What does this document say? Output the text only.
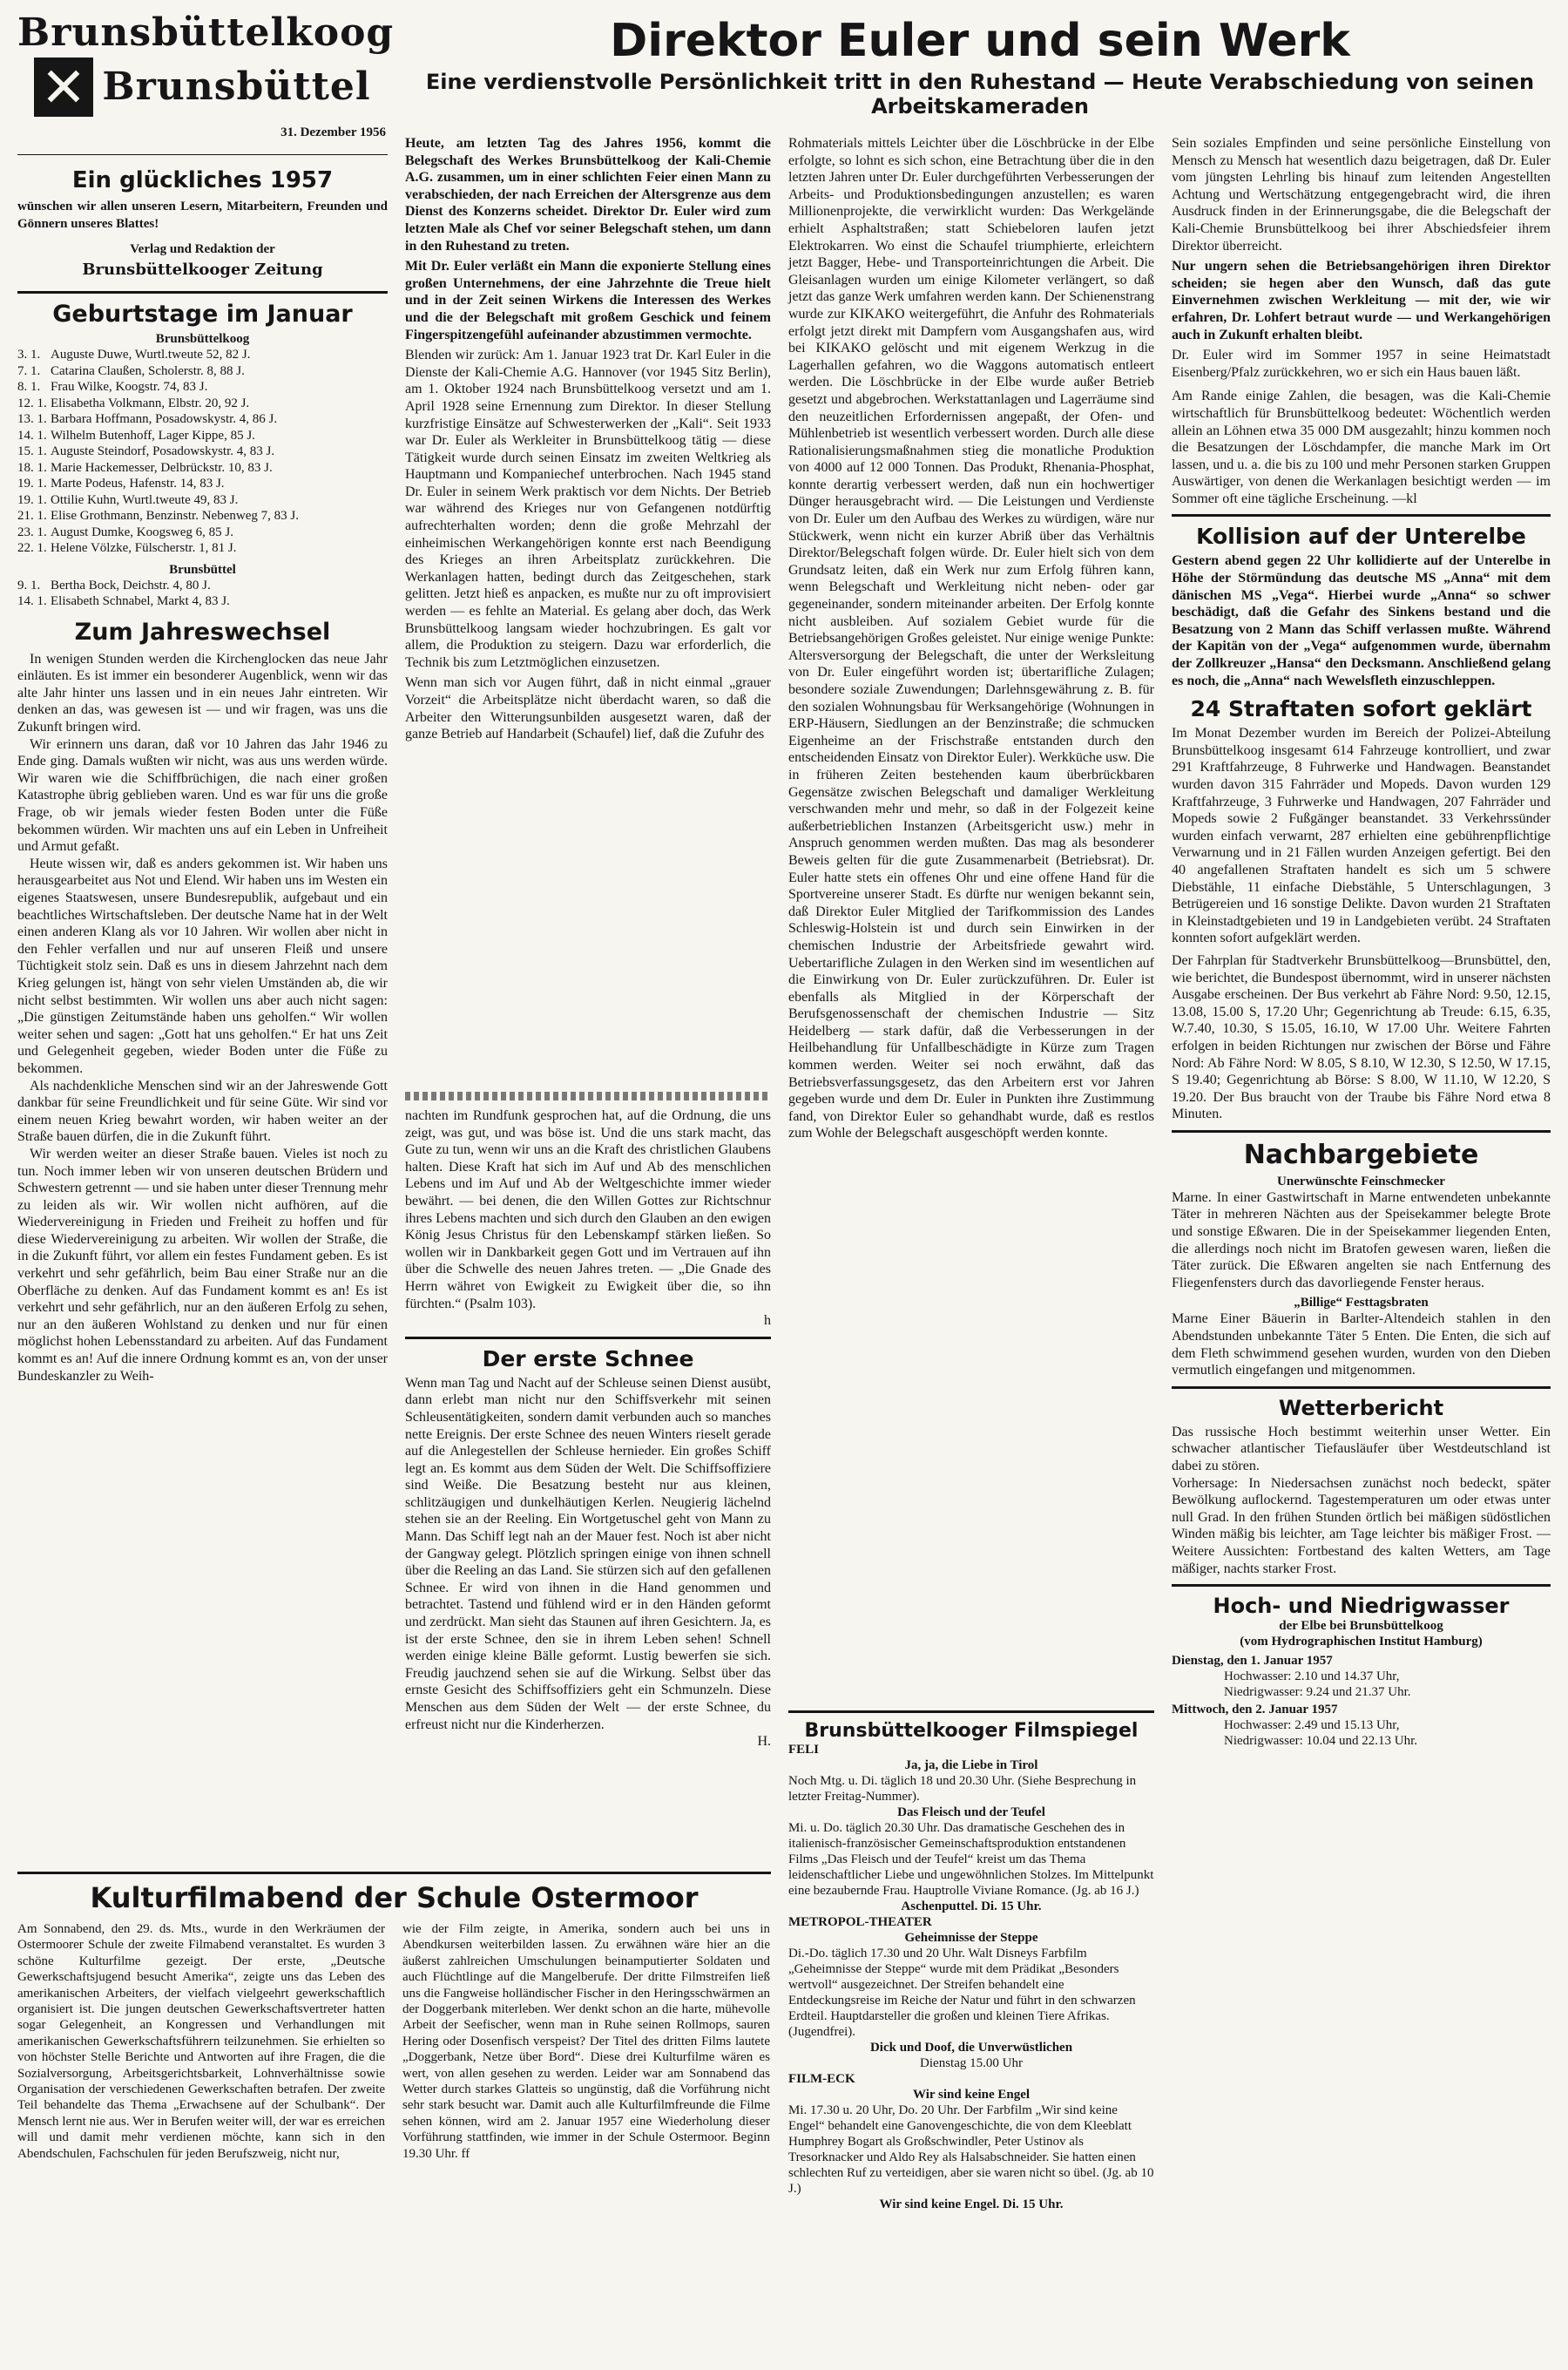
Brunsbüttelkoog
Brunsbüttel
31. Dezember 1956
Ein glückliches 1957
wünschen wir allen unseren Lesern, Mitarbeitern, Freunden und Gönnern unseres Blattes!
Verlag und Redaktion der
Brunsbüttelkooger Zeitung
Geburtstage im Januar
Brunsbüttelkoog
3. 1. Auguste Duwe, Wurtl.tweute 52, 82 J.
7. 1. Catarina Claußen, Scholerstr. 8, 88 J.
8. 1. Frau Wilke, Koogstr. 74, 83 J.
12. 1. Elisabetha Volkmann, Elbstr. 20, 92 J.
13. 1. Barbara Hoffmann, Posadowskystr. 4, 86 J.
14. 1. Wilhelm Butenhoff, Lager Kippe, 85 J.
15. 1. Auguste Steindorf, Posadowskystr. 4, 83 J.
18. 1. Marie Hackemesser, Delbrückstr. 10, 83 J.
19. 1. Marte Podeus, Hafenstr. 14, 83 J.
19. 1. Ottilie Kuhn, Wurtl.tweute 49, 83 J.
21. 1. Elise Grothmann, Benzinstr. Nebenweg 7, 83 J.
23. 1. August Dumke, Koogsweg 6, 85 J.
22. 1. Helene Völzke, Fülscherstr. 1, 81 J.
Brunsbüttel
9. 1. Bertha Bock, Deichstr. 4, 80 J.
14. 1. Elisabeth Schnabel, Markt 4, 83 J.
Zum Jahreswechsel

In wenigen Stunden werden die Kirchenglocken das neue Jahr einläuten. Es ist immer ein besonderer Augenblick, wenn wir das alte Jahr hinter uns lassen und in ein neues Jahr eintreten. Wir denken an das, was gewesen ist — und wir fragen, was uns die Zukunft bringen wird.

Wir erinnern uns daran, daß vor 10 Jahren das Jahr 1946 zu Ende ging. Damals wußten wir nicht, was aus uns werden würde. Wir waren wie die Schiffbrüchigen, die nach einer großen Katastrophe übrig geblieben waren. Und es war für uns die große Frage, ob wir jemals wieder festen Boden unter die Füße bekommen würden. Wir machten uns auf ein Leben in Unfreiheit und Armut gefaßt.

Heute wissen wir, daß es anders gekommen ist. Wir haben uns herausgearbeitet aus Not und Elend. Wir haben uns im Westen ein eigenes Staatswesen, unsere Bundesrepublik, aufgebaut und ein beachtliches Wirtschaftsleben. Der deutsche Name hat in der Welt einen anderen Klang als vor 10 Jahren. Wir wollen aber nicht in den Fehler verfallen und nur auf unseren Fleiß und unsere Tüchtigkeit stolz sein. Daß es uns in diesem Jahrzehnt nach dem Krieg gelungen ist, hängt von sehr vielen Umständen ab, die wir nicht selbst bestimmten. Wir wollen uns aber auch nicht sagen: „Die günstigen Zeitumstände haben uns geholfen.“ Wir wollen weiter sehen und sagen: „Gott hat uns geholfen.“ Er hat uns Zeit und Gelegenheit gegeben, wieder Boden unter die Füße zu bekommen.

Als nachdenkliche Menschen sind wir an der Jahreswende Gott dankbar für seine Freundlichkeit und für seine Güte. Wir sind vor einem neuen Krieg bewahrt worden, wir haben weiter an der Straße bauen dürfen, die in die Zukunft führt.

Wir werden weiter an dieser Straße bauen. Vieles ist noch zu tun. Noch immer leben wir von unseren deutschen Brüdern und Schwestern getrennt — und sie haben unter dieser Trennung mehr zu leiden als wir. Wir wollen nicht aufhören, auf die Wiedervereinigung in Frieden und Freiheit zu hoffen und für diese Wiedervereinigung zu arbeiten. Wir wollen der Straße, die in die Zukunft führt, vor allem ein festes Fundament geben. Es ist verkehrt und sehr gefährlich, beim Bau einer Straße nur an die Oberfläche zu denken. Auf das Fundament kommt es an! Es ist verkehrt und sehr gefährlich, nur an den äußeren Erfolg zu sehen, nur an den äußeren Wohlstand zu denken und nur für einen möglichst hohen Lebensstandard zu arbeiten. Auf das Fundament kommt es an! Auf die innere Ordnung kommt es an, von der unser Bundeskanzler zu Weih-

Direktor Euler und sein Werk
Eine verdienstvolle Persönlichkeit tritt in den Ruhestand — Heute Verabschiedung von seinen Arbeitskameraden
Heute, am letzten Tag des Jahres 1956, kommt die Belegschaft des Werkes Brunsbüttelkoog der Kali-Chemie A.G. zusammen, um in einer schlichten Feier einen Mann zu verabschieden, der nach Erreichen der Altersgrenze aus dem Dienst des Konzerns scheidet. Direktor Dr. Euler wird zum letzten Male als Chef vor seiner Belegschaft stehen, um dann in den Ruhestand zu treten.
Mit Dr. Euler verläßt ein Mann die exponierte Stellung eines großen Unternehmens, der eine Jahrzehnte die Treue hielt und in der Zeit seinen Wirkens die Interessen des Werkes und die der Belegschaft mit großem Geschick und feinem Fingerspitzengefühl aufeinander abzustimmen vermochte.
Blenden wir zurück: Am 1. Januar 1923 trat Dr. Karl Euler in die Dienste der Kali-Chemie A.G. Hannover (vor 1945 Sitz Berlin), am 1. Oktober 1924 nach Brunsbüttelkoog versetzt und am 1. April 1928 seine Ernennung zum Direktor. In dieser Stellung kurzfristige Einsätze auf Schwesterwerken der „Kali“. Seit 1933 war Dr. Euler als Werkleiter in Brunsbüttelkoog tätig — diese Tätigkeit wurde durch seinen Einsatz im zweiten Weltkrieg als Hauptmann und Kompaniechef unterbrochen. Nach 1945 stand Dr. Euler in seinem Werk praktisch vor dem Nichts. Der Betrieb war während des Krieges nur von Gefangenen notdürftig aufrechterhalten worden; denn die große Mehrzahl der einheimischen Werkangehörigen konnte erst nach Beendigung des Krieges an ihren Arbeitsplatz zurückkehren. Die Werkanlagen hatten, bedingt durch das Zeitgeschehen, stark gelitten. Jetzt hieß es anpacken, es mußte nur zu oft improvisiert werden — es fehlte an Material. Es gelang aber doch, das Werk Brunsbüttelkoog langsam wieder hochzubringen. Es galt vor allem, die Produktion zu steigern. Dazu war erforderlich, die Technik bis zum Letztmöglichen einzusetzen.
Wenn man sich vor Augen führt, daß in nicht einmal „grauer Vorzeit“ die Arbeitsplätze nicht überdacht waren, so daß die Arbeiter den Witterungsunbilden ausgesetzt waren, daß der ganze Betrieb auf Handarbeit (Schaufel) lief, daß die Zufuhr des
Rohmaterials mittels Leichter über die Löschbrücke in der Elbe erfolgte, so lohnt es sich schon, eine Betrachtung über die in den letzten Jahren unter Dr. Euler durchgeführten Verbesserungen der Arbeits- und Produktionsbedingungen anzustellen; es waren Millionenprojekte, die verwirklicht wurden: Das Werkgelände erhielt Asphaltstraßen; statt Schiebeloren laufen jetzt Elektrokarren. Wo einst die Schaufel triumphierte, erleichtern jetzt Bagger, Hebe- und Transporteinrichtungen die Arbeit. Die Gleisanlagen wurden um einige Kilometer verlängert, so daß jetzt das ganze Werk umfahren werden kann. Der Schienenstrang wurde zur KIKAKO weitergeführt, die Anfuhr des Rohmaterials erfolgt jetzt direkt mit Dampfern vom Ausgangshafen aus, wird bei KIKAKO gelöscht und mit eigenem Werkzug in die Lagerhallen gefahren, wo die Waggons automatisch entleert werden. Die Löschbrücke in der Elbe wurde außer Betrieb gesetzt und abgebrochen. Werkstattanlagen und Lagerräume sind den neuzeitlichen Erfordernissen angepaßt, der Ofen- und Mühlenbetrieb ist wesentlich verbessert worden. Durch alle diese Rationalisierungsmaßnahmen stieg die monatliche Produktion von 4000 auf 12 000 Tonnen. Das Produkt, Rhenania-Phosphat, konnte derartig verbessert werden, daß nun ein hochwertiger Dünger herausgebracht wird. — Die Leistungen und Verdienste von Dr. Euler um den Aufbau des Werkes zu würdigen, wäre nur Stückwerk, wenn nicht ein kurzer Abriß über das Verhältnis Direktor/Belegschaft folgen würde. Dr. Euler hielt sich von dem Grundsatz leiten, daß ein Werk nur zum Erfolg führen kann, wenn Belegschaft und Werkleitung nicht neben- oder gar gegeneinander, sondern miteinander arbeiten. Der Erfolg konnte nicht ausbleiben. Auf sozialem Gebiet wurde für die Betriebsangehörigen Großes geleistet. Nur einige wenige Punkte: Altersversorgung der Belegschaft, die unter der Werksleitung von Dr. Euler eingeführt worden ist; übertarifliche Zulagen; besondere soziale Zuwendungen; Darlehnsgewährung z. B. für den sozialen Wohnungsbau für Werksangehörige (Wohnungen in ERP-Häusern, Siedlungen an der Benzinstraße; die schmucken Eigenheime an der Frischstraße entstanden durch den entscheidenden Einsatz von Direktor Euler). Werkküche usw. Die in früheren Zeiten bestehenden kaum überbrückbaren Gegensätze zwischen Belegschaft und damaliger Werkleitung verschwanden mehr und mehr, so daß in der Folgezeit keine außerbetrieblichen Instanzen (Arbeitsgericht usw.) mehr in Anspruch genommen werden mußten. Das mag als besonderer Beweis gelten für die gute Zusammenarbeit (Betriebsrat). Dr. Euler hatte stets ein offenes Ohr und eine offene Hand für die Sportvereine unserer Stadt. Es dürfte nur wenigen bekannt sein, daß Direktor Euler Mitglied der Tarifkommission des Landes Schleswig-Holstein ist und durch sein Einwirken in der chemischen Industrie der Arbeitsfriede gewahrt wird. Uebertarifliche Zulagen in den Werken sind im wesentlichen auf die Einwirkung von Dr. Euler zurückzuführen. Dr. Euler ist ebenfalls als Mitglied in der Körperschaft der Berufsgenossenschaft der chemischen Industrie — Sitz Heidelberg — stark dafür, daß die Verbesserungen in der Heilbehandlung für Unfallbeschädigte in Kürze zum Tragen kommen werden. Weiter sei noch erwähnt, daß das Betriebsverfassungsgesetz, das den Arbeitern erst vor Jahren gegeben wurde und dem Dr. Euler in Punkten ihre Zustimmung fand, von Direktor Euler so gehandhabt wurde, daß es restlos zum Wohle der Belegschaft ausgeschöpft werden konnte.
Sein soziales Empfinden und seine persönliche Einstellung von Mensch zu Mensch hat wesentlich dazu beigetragen, daß Dr. Euler vom jüngsten Lehrling bis hinauf zum leitenden Angestellten Achtung und Wertschätzung entgegengebracht wird, die ihren Ausdruck finden in der Erinnerungsgabe, die die Belegschaft der Kali-Chemie Brunsbüttelkoog bei ihrer Abschiedsfeier ihrem Direktor überreicht.
Nur ungern sehen die Betriebsangehörigen ihren Direktor scheiden; sie hegen aber den Wunsch, daß das gute Einvernehmen zwischen Werkleitung — mit der, wie wir erfahren, Dr. Lohfert betraut wurde — und Werkangehörigen auch in Zukunft erhalten bleibt.
Dr. Euler wird im Sommer 1957 in seine Heimatstadt Eisenberg/Pfalz zurückkehren, wo er sich ein Haus bauen läßt.
Am Rande einige Zahlen, die besagen, was die Kali-Chemie wirtschaftlich für Brunsbüttelkoog bedeutet: Wöchentlich werden allein an Löhnen etwa 35 000 DM ausgezahlt; hinzu kommen noch die Besatzungen der Löschdampfer, die manche Mark im Ort lassen, und u. a. die bis zu 100 und mehr Personen starken Gruppen Auswärtiger, von denen die Werkanlagen besichtigt werden — im Sommer oft eine tägliche Erscheinung. —kl
Kollision auf der Unterelbe
Gestern abend gegen 22 Uhr kollidierte auf der Unterelbe in Höhe der Störmündung das deutsche MS „Anna“ mit dem dänischen MS „Vega“. Hierbei wurde „Anna“ so schwer beschädigt, daß die Gefahr des Sinkens bestand und die Besatzung von 2 Mann das Schiff verlassen mußte. Während der Kapitän von der „Vega“ aufgenommen wurde, übernahm der Zollkreuzer „Hansa“ den Decksmann. Anschließend gelang es noch, die „Anna“ nach Wewelsfleth einzuschleppen.
24 Straftaten sofort geklärt
Im Monat Dezember wurden im Bereich der Polizei-Abteilung Brunsbüttelkoog insgesamt 614 Fahrzeuge kontrolliert, und zwar 291 Kraftfahrzeuge, 8 Fuhrwerke und Handwagen. Beanstandet wurden davon 315 Fahrräder und Mopeds. Davon wurden 129 Kraftfahrzeuge, 3 Fuhrwerke und Handwagen, 207 Fahrräder und Mopeds sowie 2 Fußgänger beanstandet. 33 Verkehrssünder wurden einfach verwarnt, 287 erhielten eine gebührenpflichtige Verwarnung und in 21 Fällen wurden Anzeigen gefertigt. Bei den 40 angefallenen Straftaten handelt es sich um 5 schwere Diebstähle, 11 einfache Diebstähle, 5 Unterschlagungen, 3 Betrügereien und 16 sonstige Delikte. Davon wurden 21 Straftaten in Kleinstadtgebieten und 19 in Landgebieten verübt. 24 Straftaten konnten sofort aufgeklärt werden.
Der Fahrplan für Stadtverkehr Brunsbüttelkoog—Brunsbüttel, den, wie berichtet, die Bundespost übernommt, wird in unserer nächsten Ausgabe erscheinen. Der Bus verkehrt ab Fähre Nord: 9.50, 12.15, 13.08, 15.00 S, 17.20 Uhr; Gegenrichtung ab Treude: 6.15, 6.35, W.7.40, 10.30, S 15.05, 16.10, W 17.00 Uhr. Weitere Fahrten erfolgen in beiden Richtungen nur zwischen der Börse und Fähre Nord: Ab Fähre Nord: W 8.05, S 8.10, W 12.30, S 12.50, W 17.15, S 19.40; Gegenrichtung ab Börse: S 8.00, W 11.10, W 12.20, S 19.20. Der Bus braucht von der Traube bis Fähre Nord etwa 8 Minuten.
Nachbargebiete
Unerwünschte Feinschmecker
Marne. In einer Gastwirtschaft in Marne entwendeten unbekannte Täter in mehreren Nächten aus der Speisekammer belegte Brote und sonstige Eßwaren. Die in der Speisekammer liegenden Enten, die allerdings noch nicht im Bratofen gewesen waren, ließen die Täter zurück. Die Eßwaren angelten sie nach Entfernung des Fliegenfensters durch das davorliegende Fenster heraus.
„Billige“ Festtagsbraten
Marne Einer Bäuerin in Barlter-Altendeich stahlen in den Abendstunden unbekannte Täter 5 Enten. Die Enten, die sich auf dem Fleth schwimmend gesehen wurden, wurden von den Dieben vermutlich eingefangen und mitgenommen.
Wetterbericht
Das russische Hoch bestimmt weiterhin unser Wetter. Ein schwacher atlantischer Tiefausläufer über Westdeutschland ist dabei zu stören.
Vorhersage: In Niedersachsen zunächst noch bedeckt, später Bewölkung auflockernd. Tagestemperaturen um oder etwas unter null Grad. In den frühen Stunden örtlich bei mäßigen südöstlichen Winden mäßig bis leichter, am Tage leichter bis mäßiger Frost. — Weitere Aussichten: Fortbestand des kalten Wetters, am Tage mäßiger, nachts starker Frost.
Hoch- und Niedrigwasser
der Elbe bei Brunsbüttelkoog
(vom Hydrographischen Institut Hamburg)
Dienstag, den 1. Januar 1957
Hochwasser: 2.10 und 14.37 Uhr,
Niedrigwasser: 9.24 und 21.37 Uhr.
Mittwoch, den 2. Januar 1957
Hochwasser: 2.49 und 15.13 Uhr,
Niedrigwasser: 10.04 und 22.13 Uhr.
nachten im Rundfunk gesprochen hat, auf die Ordnung, die uns zeigt, was gut, und was böse ist. Und die uns stark macht, das Gute zu tun, wenn wir uns an die Kraft des christlichen Glaubens halten. Diese Kraft hat sich im Auf und Ab des menschlichen Lebens und im Auf und Ab der Weltgeschichte immer wieder bewährt. — bei denen, die den Willen Gottes zur Richtschnur ihres Lebens machten und sich durch den Glauben an den ewigen König Jesus Christus für den Lebenskampf stärken ließen. So wollen wir in Dankbarkeit gegen Gott und im Vertrauen auf ihn über die Schwelle des neuen Jahres treten. — „Die Gnade des Herrn währet von Ewigkeit zu Ewigkeit über die, so ihn fürchten.“ (Psalm 103).
h
Der erste Schnee
Wenn man Tag und Nacht auf der Schleuse seinen Dienst ausübt, dann erlebt man nicht nur den Schiffsverkehr mit seinen Schleusentätigkeiten, sondern damit verbunden auch so manches nette Ereignis. Der erste Schnee des neuen Winters rieselt gerade auf die Anlegestellen der Schleuse hernieder. Ein großes Schiff legt an. Es kommt aus dem Süden der Welt. Die Schiffsoffiziere sind Weiße. Die Besatzung besteht nur aus kleinen, schlitzäugigen und dunkelhäutigen Kerlen. Neugierig lächelnd stehen sie an der Reeling. Ein Wortgetuschel geht von Mann zu Mann. Das Schiff legt nah an der Mauer fest. Noch ist aber nicht der Gangway gelegt. Plötzlich springen einige von ihnen schnell über die Reeling an das Land. Sie stürzen sich auf den gefallenen Schnee. Er wird von ihnen in die Hand genommen und betrachtet. Tastend und fühlend wird er in den Händen geformt und zerdrückt. Man sieht das Staunen auf ihren Gesichtern. Ja, es ist der erste Schnee, den sie in ihrem Leben sehen! Schnell werden einige kleine Bälle geformt. Lustig bewerfen sie sich. Freudig jauchzend sehen sie auf die Wirkung. Selbst über das ernste Gesicht des Schiffsoffiziers geht ein Schmunzeln. Diese Menschen aus dem Süden der Welt — der erste Schnee, du erfreust nicht nur die Kinderherzen.
H.	Brunsbüttelkooger Filmspiegel
FELI
Ja, ja, die Liebe in Tirol
Noch Mtg. u. Di. täglich 18 und 20.30 Uhr. (Siehe Besprechung in letzter Freitag-Nummer).
Das Fleisch und der Teufel
Mi. u. Do. täglich 20.30 Uhr. Das dramatische Geschehen des in italienisch-französischer Gemeinschaftsproduktion entstandenen Films „Das Fleisch und der Teufel“ kreist um das Thema leidenschaftlicher Liebe und ungewöhnlichen Stolzes. Im Mittelpunkt eine bezaubernde Frau. Hauptrolle Viviane Romance. (Jg. ab 16 J.)
Aschenputtel. Di. 15 Uhr.
METROPOL-THEATER
Geheimnisse der Steppe
Di.-Do. täglich 17.30 und 20 Uhr. Walt Disneys Farbfilm „Geheimnisse der Steppe“ wurde mit dem Prädikat „Besonders wertvoll“ ausgezeichnet. Der Streifen behandelt eine Entdeckungsreise im Reiche der Natur und führt in den schwarzen Erdteil. Hauptdarsteller die großen und kleinen Tiere Afrikas. (Jugendfrei).
Dick und Doof, die Unverwüstlichen
Dienstag 15.00 Uhr
FILM-ECK
Wir sind keine Engel
Mi. 17.30 u. 20 Uhr, Do. 20 Uhr. Der Farbfilm „Wir sind keine Engel“ behandelt eine Ganovengeschichte, die von dem Kleeblatt Humphrey Bogart als Großschwindler, Peter Ustinov als Tresorknacker und Aldo Rey als Halsabschneider. Sie hatten einen schlechten Ruf zu verteidigen, aber sie waren nicht so übel. (Jg. ab 10 J.)
Wir sind keine Engel. Di. 15 Uhr.
Kulturfilmabend der Schule Ostermoor
Am Sonnabend, den 29. ds. Mts., wurde in den Werkräumen der Ostermoorer Schule der zweite Filmabend veranstaltet. Es wurden 3 schöne Kulturfilme gezeigt. Der erste, „Deutsche Gewerkschaftsjugend besucht Amerika“, zeigte uns das Leben des amerikanischen Arbeiters, der vielfach vielgeehrt gewerkschaftlich organisiert ist. Die jungen deutschen Gewerkschaftsvertreter hatten sogar Gelegenheit, an Kongressen und Verhandlungen mit amerikanischen Gewerkschaftsführern teilzunehmen. Sie erhielten so von höchster Stelle Berichte und Antworten auf ihre Fragen, die die Sozialversorgung, Arbeitsgerichtsbarkeit, Lohnverhältnisse sowie Organisation der verschiedenen Gewerkschaften betrafen. Der zweite Teil behandelte das Thema „Erwachsene auf der Schulbank“. Der Mensch lernt nie aus. Wer in Berufen weiter will, der war es erreichen will und damit mehr verdienen möchte, kann sich in den Abendschulen, Fachschulen für jeden Berufszweig, nicht nur,
wie der Film zeigte, in Amerika, sondern auch bei uns in Abendkursen weiterbilden lassen. Zu erwähnen wäre hier an die äußerst zahlreichen Umschulungen beinamputierter Soldaten und auch Flüchtlinge auf die Mangelberufe. Der dritte Filmstreifen ließ uns die Fangweise holländischer Fischer in den Heringsschwärmen an der Doggerbank miterleben. Wer denkt schon an die harte, mühevolle Arbeit der Seefischer, wenn man in Ruhe seinen Rollmops, sauren Hering oder Dosenfisch verspeist? Der Titel des dritten Films lautete „Doggerbank, Netze über Bord“. Diese drei Kulturfilme wären es wert, von allen gesehen zu werden. Leider war am Sonnabend das Wetter durch starkes Glatteis so ungünstig, daß die Vorführung nicht sehr stark besucht war. Damit auch alle Kulturfilmfreunde die Filme sehen können, wird am 2. Januar 1957 eine Wiederholung dieser Vorführung stattfinden, wie immer in der Schule Ostermoor. Beginn 19.30 Uhr. ff
